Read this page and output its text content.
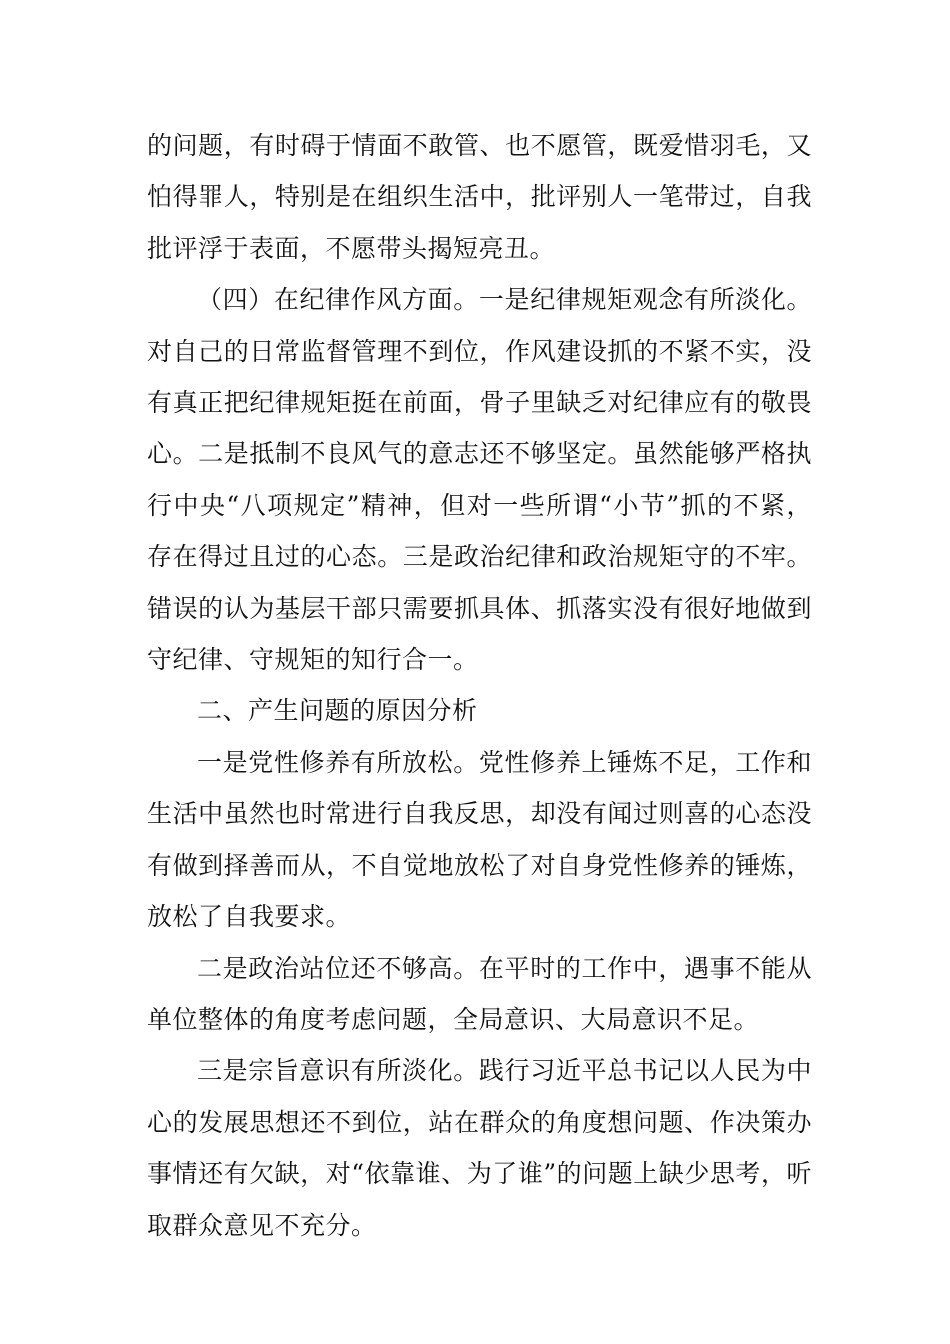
的问题，有时碍于情面不敢管、也不愿管，既爱惜羽毛，又怕得罪人，特别是在组织生活中，批评别人一笔带过，自我批评浮于表面，不愿带头揭短亮丑。

（四）在纪律作风方面。一是纪律规矩观念有所淡化。对自己的日常监督管理不到位，作风建设抓的不紧不实，没有真正把纪律规矩挺在前面，骨子里缺乏对纪律应有的敬畏心。二是抵制不良风气的意志还不够坚定。虽然能够严格执行中央“八项规定”精神，但对一些所谓“小节”抓的不紧，存在得过且过的心态。三是政治纪律和政治规矩守的不牢。错误的认为基层干部只需要抓具体、抓落实没有很好地做到守纪律、守规矩的知行合一。

二、产生问题的原因分析

一是党性修养有所放松。党性修养上锤炼不足，工作和生活中虽然也时常进行自我反思，却没有闻过则喜的心态没有做到择善而从，不自觉地放松了对自身党性修养的锤炼，放松了自我要求。

二是政治站位还不够高。在平时的工作中，遇事不能从单位整体的角度考虑问题，全局意识、大局意识不足。

三是宗旨意识有所淡化。践行习近平总书记以人民为中心的发展思想还不到位，站在群众的角度想问题、作决策办事情还有欠缺，对“依靠谁、为了谁”的问题上缺少思考，听取群众意见不充分。
